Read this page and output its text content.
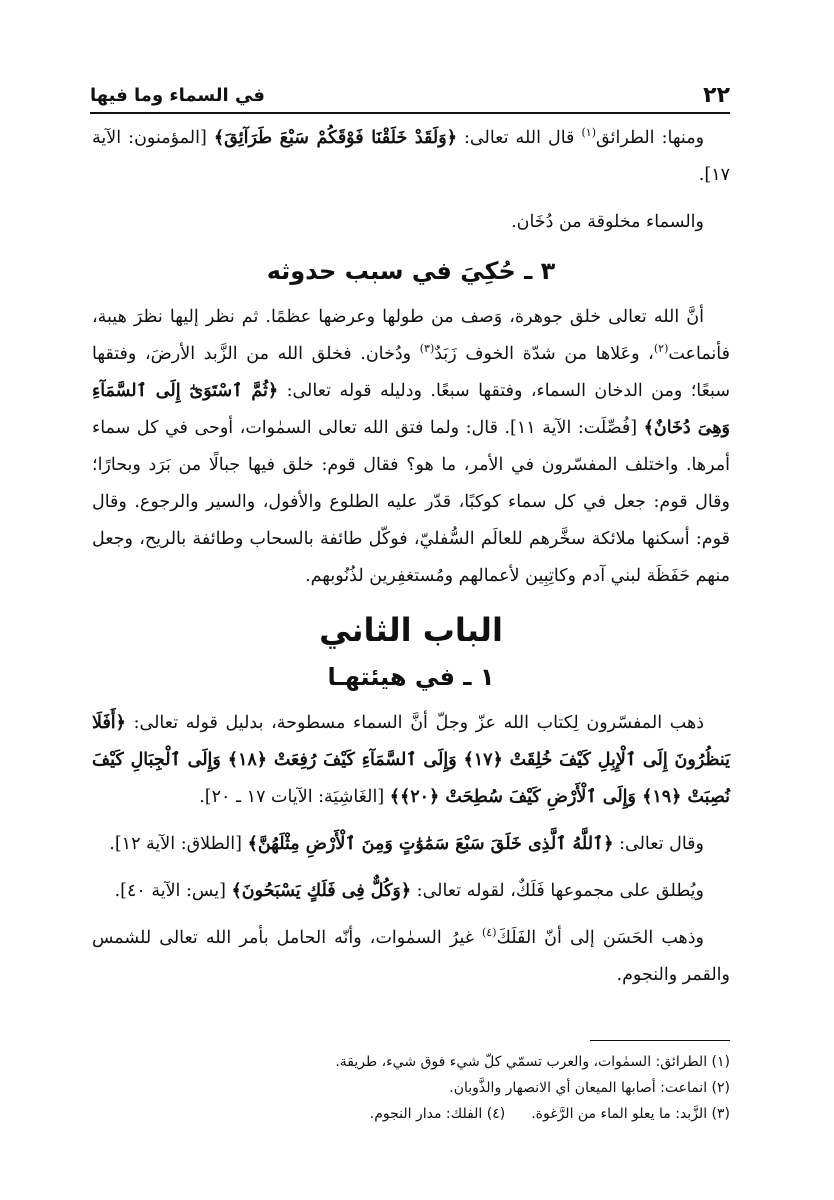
٢٢
في السماء وما فيها

ومنها: الطرائق$^{(١)}$ قال الله تعالى: ﴿وَلَقَدْ خَلَقْنَا فَوْقَكُمْ سَبْعَ طَرَآئِقَ﴾ [المؤمنون: الآية ١٧].

والسماء مخلوقة من دُخَان.

٣ ـ حُكِيَ في سبب حدوثه

أنَّ الله تعالى خلق جوهرة، وَصف من طولها وعرضها عظمًا. ثم نظر إليها نظرَ هيبة، فأنماعت$^{(٢)}$، وعَلاها من شدّة الخوف زَبَدٌ$^{(٣)}$ ودُخان. فخلق الله من الزَّبد الأرضَ، وفتقها سبعًا؛ ومن الدخان السماء، وفتقها سبعًا. ودليله قوله تعالى: ﴿ثُمَّ ٱسْتَوَىٰٓ إِلَى ٱلسَّمَآءِ وَهِىَ دُخَانٌ﴾ [فُصِّلَت: الآية ١١]. قال: ولما فتق الله تعالى السمٰوات، أوحى في كل سماء أمرها. واختلف المفسّرون في الأمر، ما هو؟ فقال قوم: خلق فيها جبالًا من بَرَد وبحارًا؛ وقال قوم: جعل في كل سماء كوكبًا، قدّر عليه الطلوع والأفول، والسير والرجوع. وقال قوم: أسكنها ملائكة سخَّرهم للعالَم السُّفليّ، فوكّل طائفة بالسحاب وطائفة بالريح، وجعل منهم حَفَظَة لبني آدم وكاتِبِين لأعمالهم ومُستغفِرين لذُنُوبهم.

الباب الثاني
١ ـ في هيئتهـا

ذهب المفسّرون لِكتاب الله عزّ وجلّ أنَّ السماء مسطوحة، بدليل قوله تعالى: ﴿أَفَلَا يَنظُرُونَ إِلَى ٱلْإِبِلِ كَيْفَ خُلِقَتْ ﴿١٧﴾ وَإِلَى ٱلسَّمَآءِ كَيْفَ رُفِعَتْ ﴿١٨﴾ وَإِلَى ٱلْجِبَالِ كَيْفَ نُصِبَتْ ﴿١٩﴾ وَإِلَى ٱلْأَرْضِ كَيْفَ سُطِحَتْ ﴿٢٠﴾﴾ [الغَاشِيَة: الآيات ١٧ ـ ٢٠].

وقال تعالى: ﴿ٱللَّهُ ٱلَّذِى خَلَقَ سَبْعَ سَمَٰوَٰتٍ وَمِنَ ٱلْأَرْضِ مِثْلَهُنَّ﴾ [الطلاق: الآية ١٢].

ويُطلق على مجموعها فَلَكٌ، لقوله تعالى: ﴿وَكُلٌّ فِى فَلَكٍ يَسْبَحُونَ﴾ [يس: الآية ٤٠].

وذهب الحَسَن إلى أنّ الفَلَكَ$^{(٤)}$ غيرُ السمٰوات، وأنّه الحامل بأمر الله تعالى للشمس والقمر والنجوم.

(١) الطرائق: السمٰوات، والعرب تسمّي كلّ شيء فوق شيء، طريقة.

(٢) انماعت: أصابها الميعان أي الانصهار والذَّوبان.

(٣) الزَّبد: ما يعلو الماء من الرَّغوة.
(٤) الفلك: مدار النجوم.
